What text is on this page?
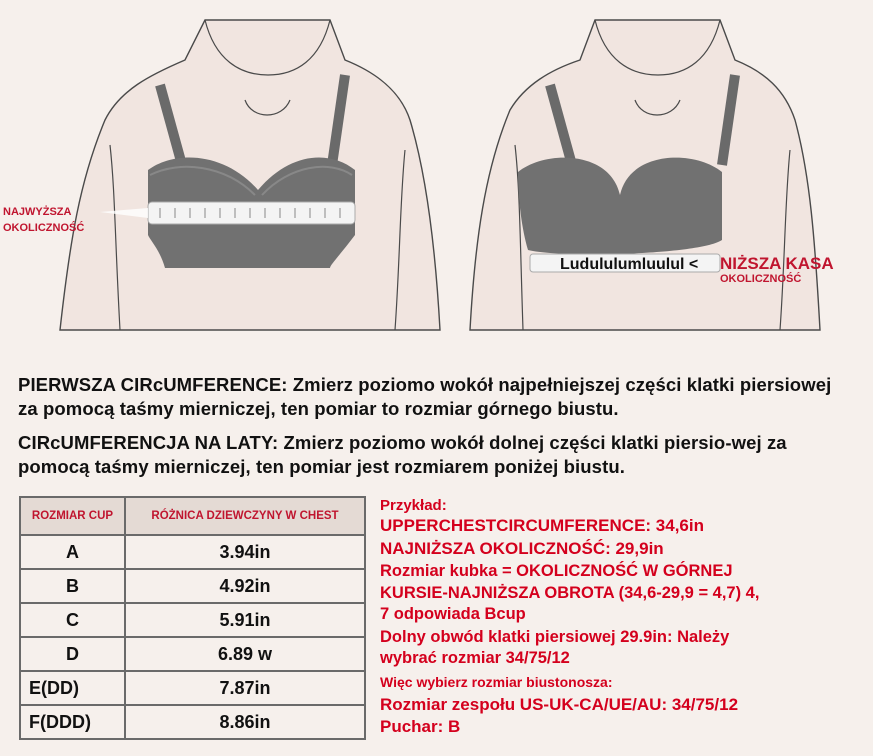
NAJWYŻSZA
OKOLICZNOŚĆ
Ludululumluulul < NIŻSZA KASA
OKOLICZNOŚĆ
PIERWSZA CIRcUMFERENCE: Zmierz poziomo wokół najpełniejszej części klatki piersiowej za pomocą taśmy mierniczej, ten pomiar to rozmiar górnego biustu.
CIRcUMFERENCJA NA LATY: Zmierz poziomo wokół dolnej części klatki piersio-wej za pomocą taśmy mierniczej, ten pomiar jest rozmiarem poniżej biustu.
ROZMIAR CUP	RÓŻNICA DZIEWCZYNY W CHEST
A	3.94in
B	4.92in
C	5.91in
D	6.89 w
E(DD)	7.87in
F(DDD)	8.86in
Przykład:
UPPERCHESTCIRCUMFERENCE: 34,6in
NAJNIŻSZA OKOLICZNOŚĆ: 29,9in
Rozmiar kubka = OKOLICZNOŚĆ W GÓRNEJ
KURSIE-NAJNIŻSZA OBROTA (34,6-29,9 = 4,7) 4,
7 odpowiada Bcup
Dolny obwód klatki piersiowej 29.9in: Należy
wybrać rozmiar 34/75/12
Więc wybierz rozmiar biustonosza:
Rozmiar zespołu US-UK-CA/UE/AU: 34/75/12
Puchar: B
